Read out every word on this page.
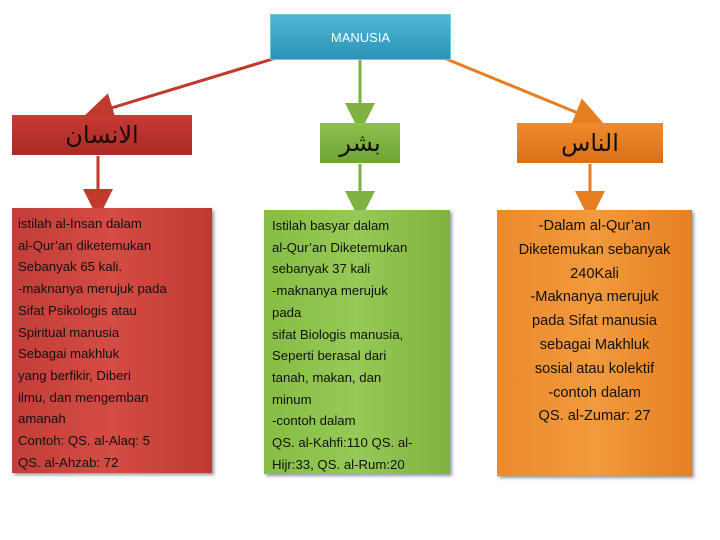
MANUSIA
الانسان	بشر	الناس
istilah al-Insan dalam
al-Qur’an diketemukan
Sebanyak 65 kali.
-maknanya merujuk pada
Sifat Psikologis atau
Spiritual manusia
Sebagai makhluk
yang berfikir, Diberi
ilmu, dan mengemban
amanah
Contoh: QS. al-Alaq: 5
QS. al-Ahzab: 72
Istilah basyar dalam
al-Qur’an Diketemukan
sebanyak 37 kali
-maknanya merujuk
pada
sifat Biologis manusia,
Seperti berasal dari
tanah, makan, dan
minum
-contoh dalam
QS. al-Kahfi:110 QS. al-
Hijr:33, QS. al-Rum:20
-Dalam al-Qur’an
Diketemukan sebanyak
240Kali
-Maknanya merujuk
pada Sifat manusia
sebagai Makhluk
sosial atau kolektif
-contoh dalam
QS. al-Zumar: 27
